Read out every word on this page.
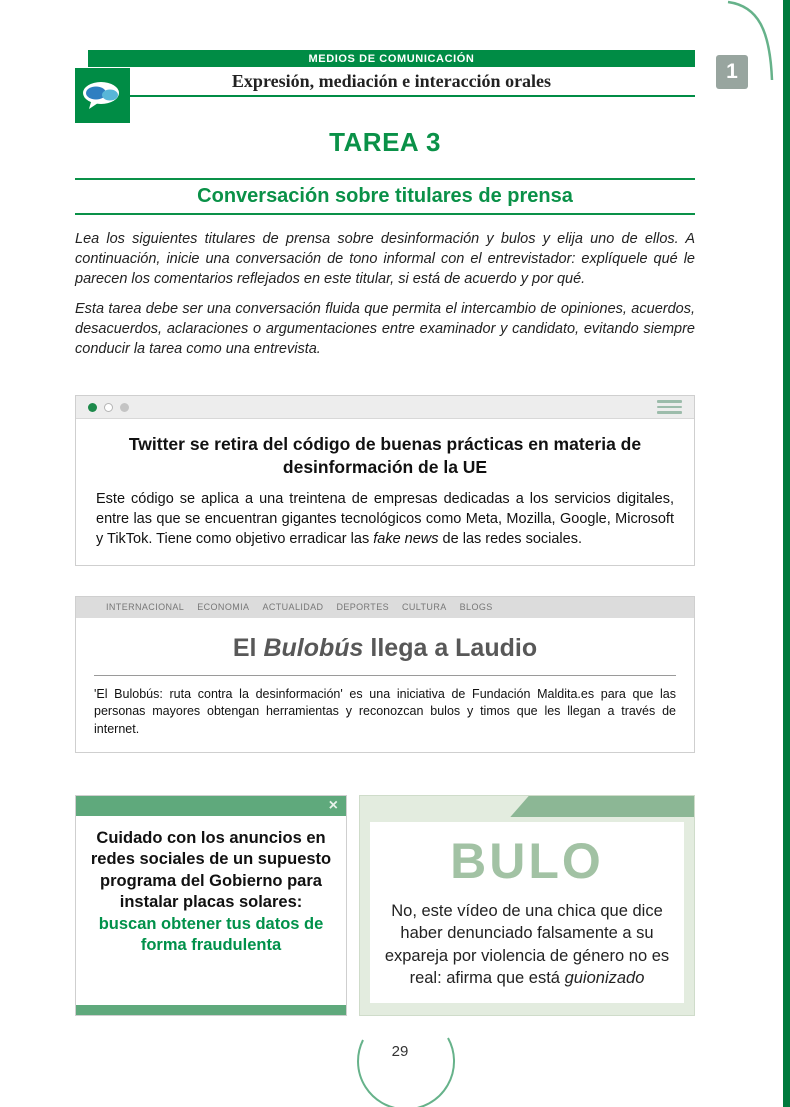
1
MEDIOS DE COMUNICACIÓN
Expresión, mediación e interacción orales
TAREA 3
Conversación sobre titulares de prensa

Lea los siguientes titulares de prensa sobre desinformación y bulos y elija uno de ellos. A continuación, inicie una conversación de tono informal con el entrevistador: explíquele qué le parecen los comentarios reflejados en este titular, si está de acuerdo y por qué.

Esta tarea debe ser una conversación fluida que permita el intercambio de opiniones, acuerdos, desacuerdos, aclaraciones o argumentaciones entre examinador y candidato, evitando siempre conducir la tarea como una entrevista.

Twitter se retira del código de buenas prácticas en materia de desinformación de la UE

Este código se aplica a una treintena de empresas dedicadas a los servicios digitales, entre las que se encuentran gigantes tecnológicos como Meta, Mozilla, Google, Microsoft y TikTok. Tiene como objetivo erradicar las fake news de las redes sociales.

INTERNACIONAL ECONOMIA ACTUALIDAD DEPORTES CULTURA BLOGS
El Bulobús llega a Laudio

'El Bulobús: ruta contra la desinformación' es una iniciativa de Fundación Maldita.es para que las personas mayores obtengan herramientas y reconozcan bulos y timos que les llegan a través de internet.

×
Cuidado con los anuncios en redes sociales de un supuesto programa del Gobierno para instalar placas solares: buscan obtener tus datos de forma fraudulenta
BULO

No, este vídeo de una chica que dice haber denunciado falsamente a su expareja por violencia de género no es real: afirma que está guionizado

29
